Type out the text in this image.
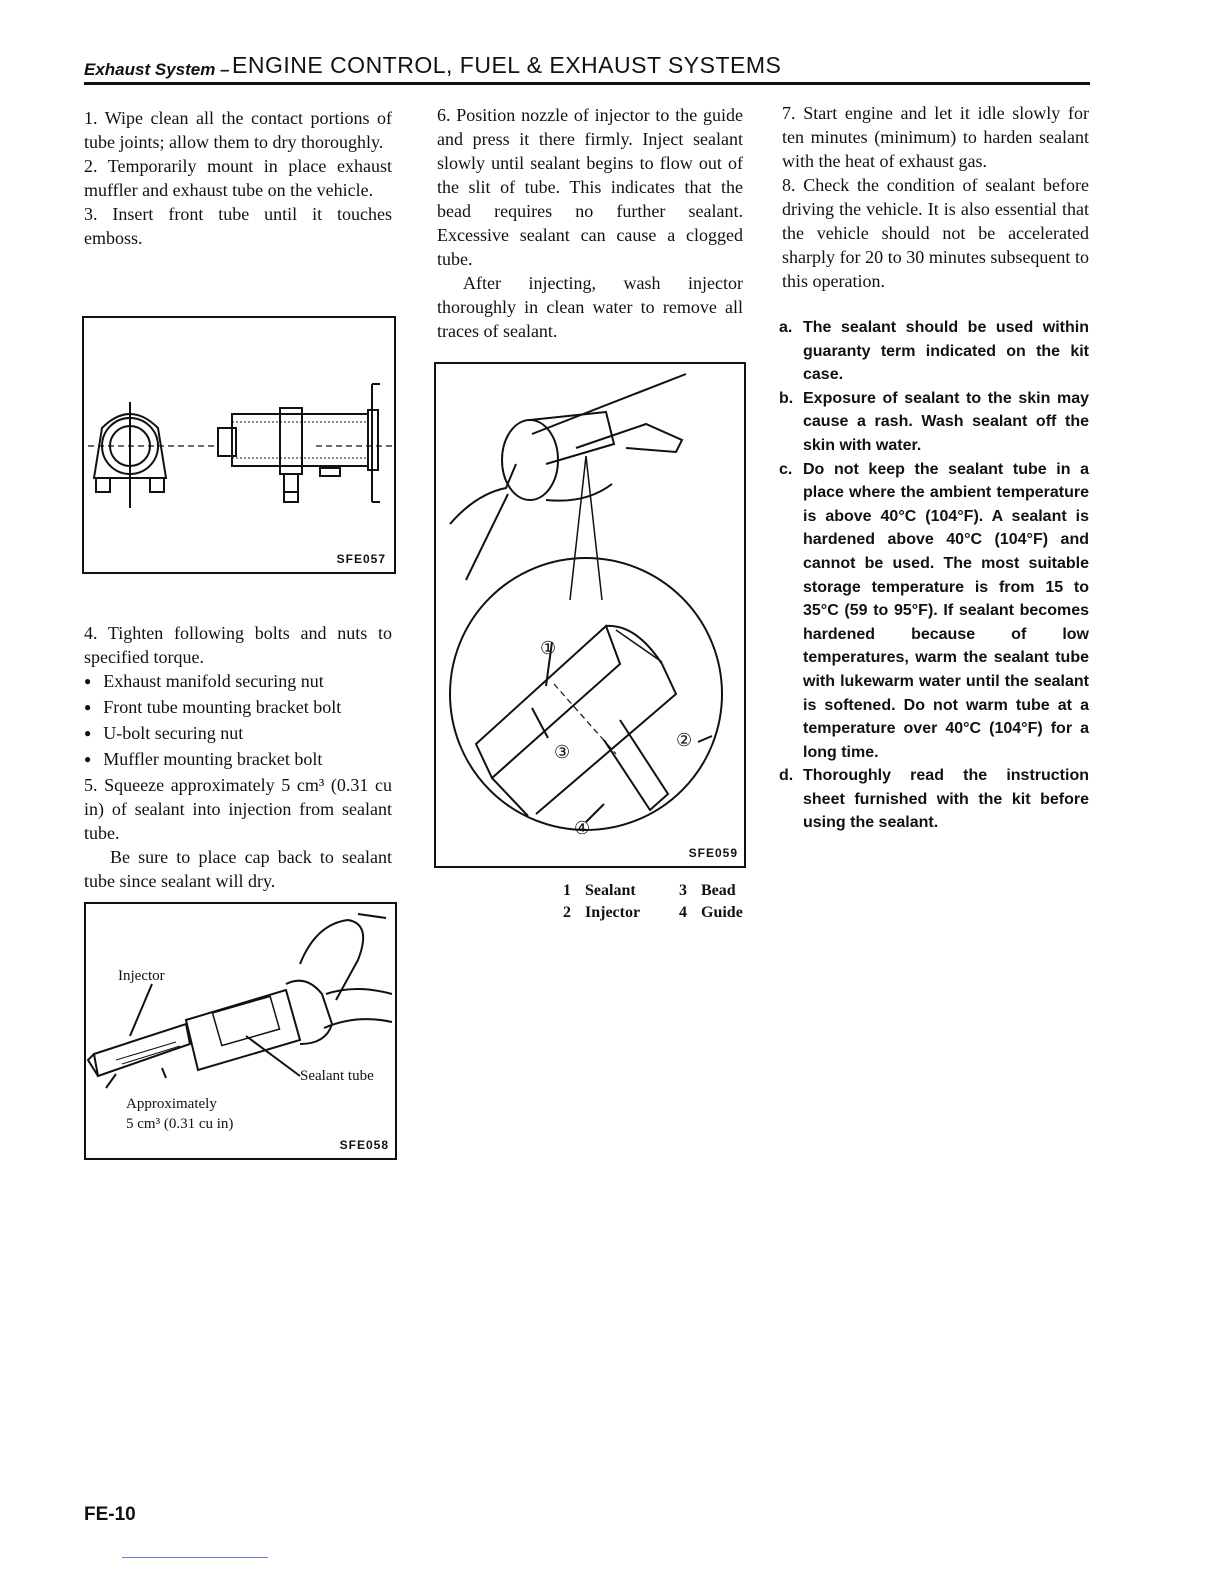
Exhaust System – ENGINE CONTROL, FUEL & EXHAUST SYSTEMS

1. Wipe clean all the contact portions of tube joints; allow them to dry thoroughly.

2. Temporarily mount in place exhaust muffler and exhaust tube on the vehicle.

3. Insert front tube until it touches emboss.

SFE057

4. Tighten following bolts and nuts to specified torque.

● Exhaust manifold securing nut

● Front tube mounting bracket bolt

● U-bolt securing nut

● Muffler mounting bracket bolt

5. Squeeze approximately 5 cm³ (0.31 cu in) of sealant into injection from sealant tube.

Be sure to place cap back to sealant tube since sealant will dry.

Injector
Sealant tube
Approximately
5 cm³ (0.31 cu in)
SFE058

6. Position nozzle of injector to the guide and press it there firmly. Inject sealant slowly until sealant begins to flow out of the slit of tube. This indicates that the bead requires no further sealant. Excessive sealant can cause a clogged tube.

After injecting, wash injector thoroughly in clean water to remove all traces of sealant.

①
②
③
④
SFE059
1 Sealant	3 Bead
2 Injector 4 Guide

7. Start engine and let it idle slowly for ten minutes (minimum) to harden sealant with the heat of exhaust gas.

8. Check the condition of sealant before driving the vehicle. It is also essential that the vehicle should not be accelerated sharply for 20 to 30 minutes subsequent to this operation.

a. The sealant should be used within guaranty term indicated on the kit case.
b. Exposure of sealant to the skin may cause a rash. Wash sealant off the skin with water.
c. Do not keep the sealant tube in a place where the ambient temperature is above 40°C (104°F). A sealant is hardened above 40°C (104°F) and cannot be used. The most suitable storage temperature is from 15 to 35°C (59 to 95°F). If sealant becomes hardened because of low temperatures, warm the sealant tube with lukewarm water until the sealant is softened. Do not warm tube at a temperature over 40°C (104°F) for a long time.
d. Thoroughly read the instruction sheet furnished with the kit before using the sealant.
FE-10
